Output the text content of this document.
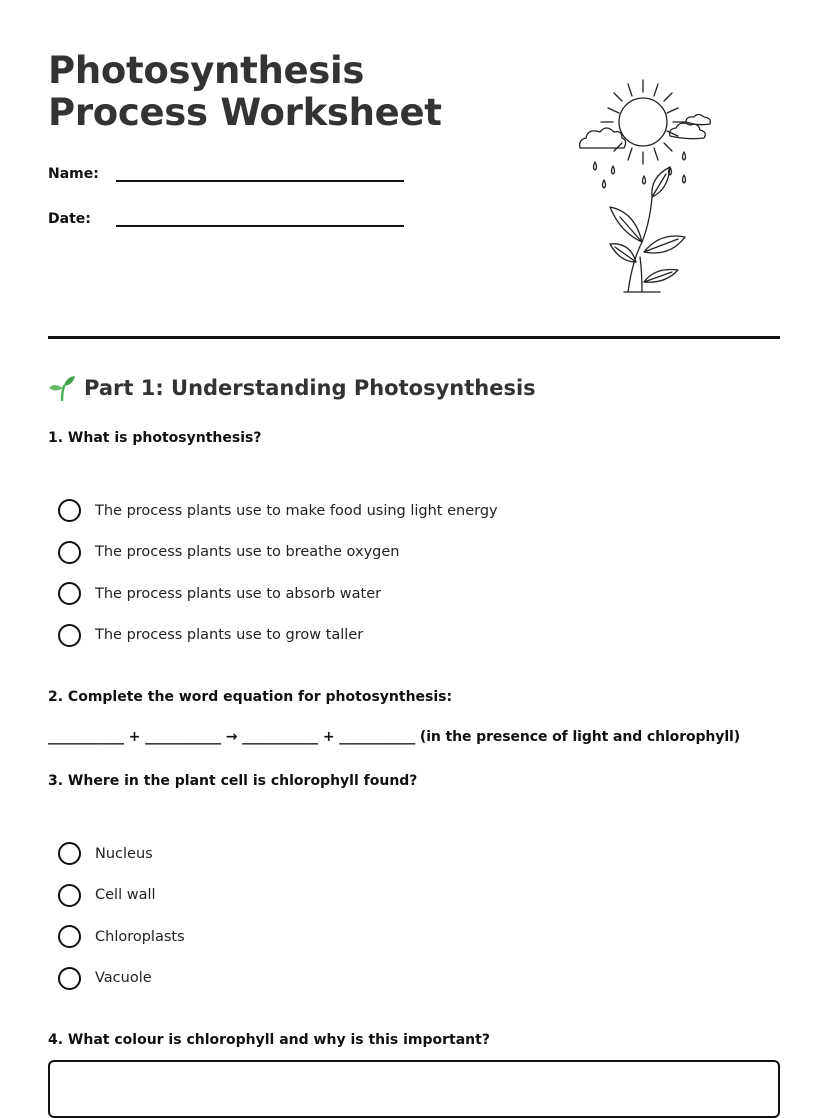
Photosynthesis Process Worksheet
Name:
Date:
Part 1: Understanding Photosynthesis
1. What is photosynthesis?
The process plants use to make food using light energy
The process plants use to breathe oxygen
The process plants use to absorb water
The process plants use to grow taller
2. Complete the word equation for photosynthesis:
___________ + ___________ → ___________ + ___________ (in the presence of light and chlorophyll)
3. Where in the plant cell is chlorophyll found?
Nucleus
Cell wall
Chloroplasts
Vacuole
4. What colour is chlorophyll and why is this important?
